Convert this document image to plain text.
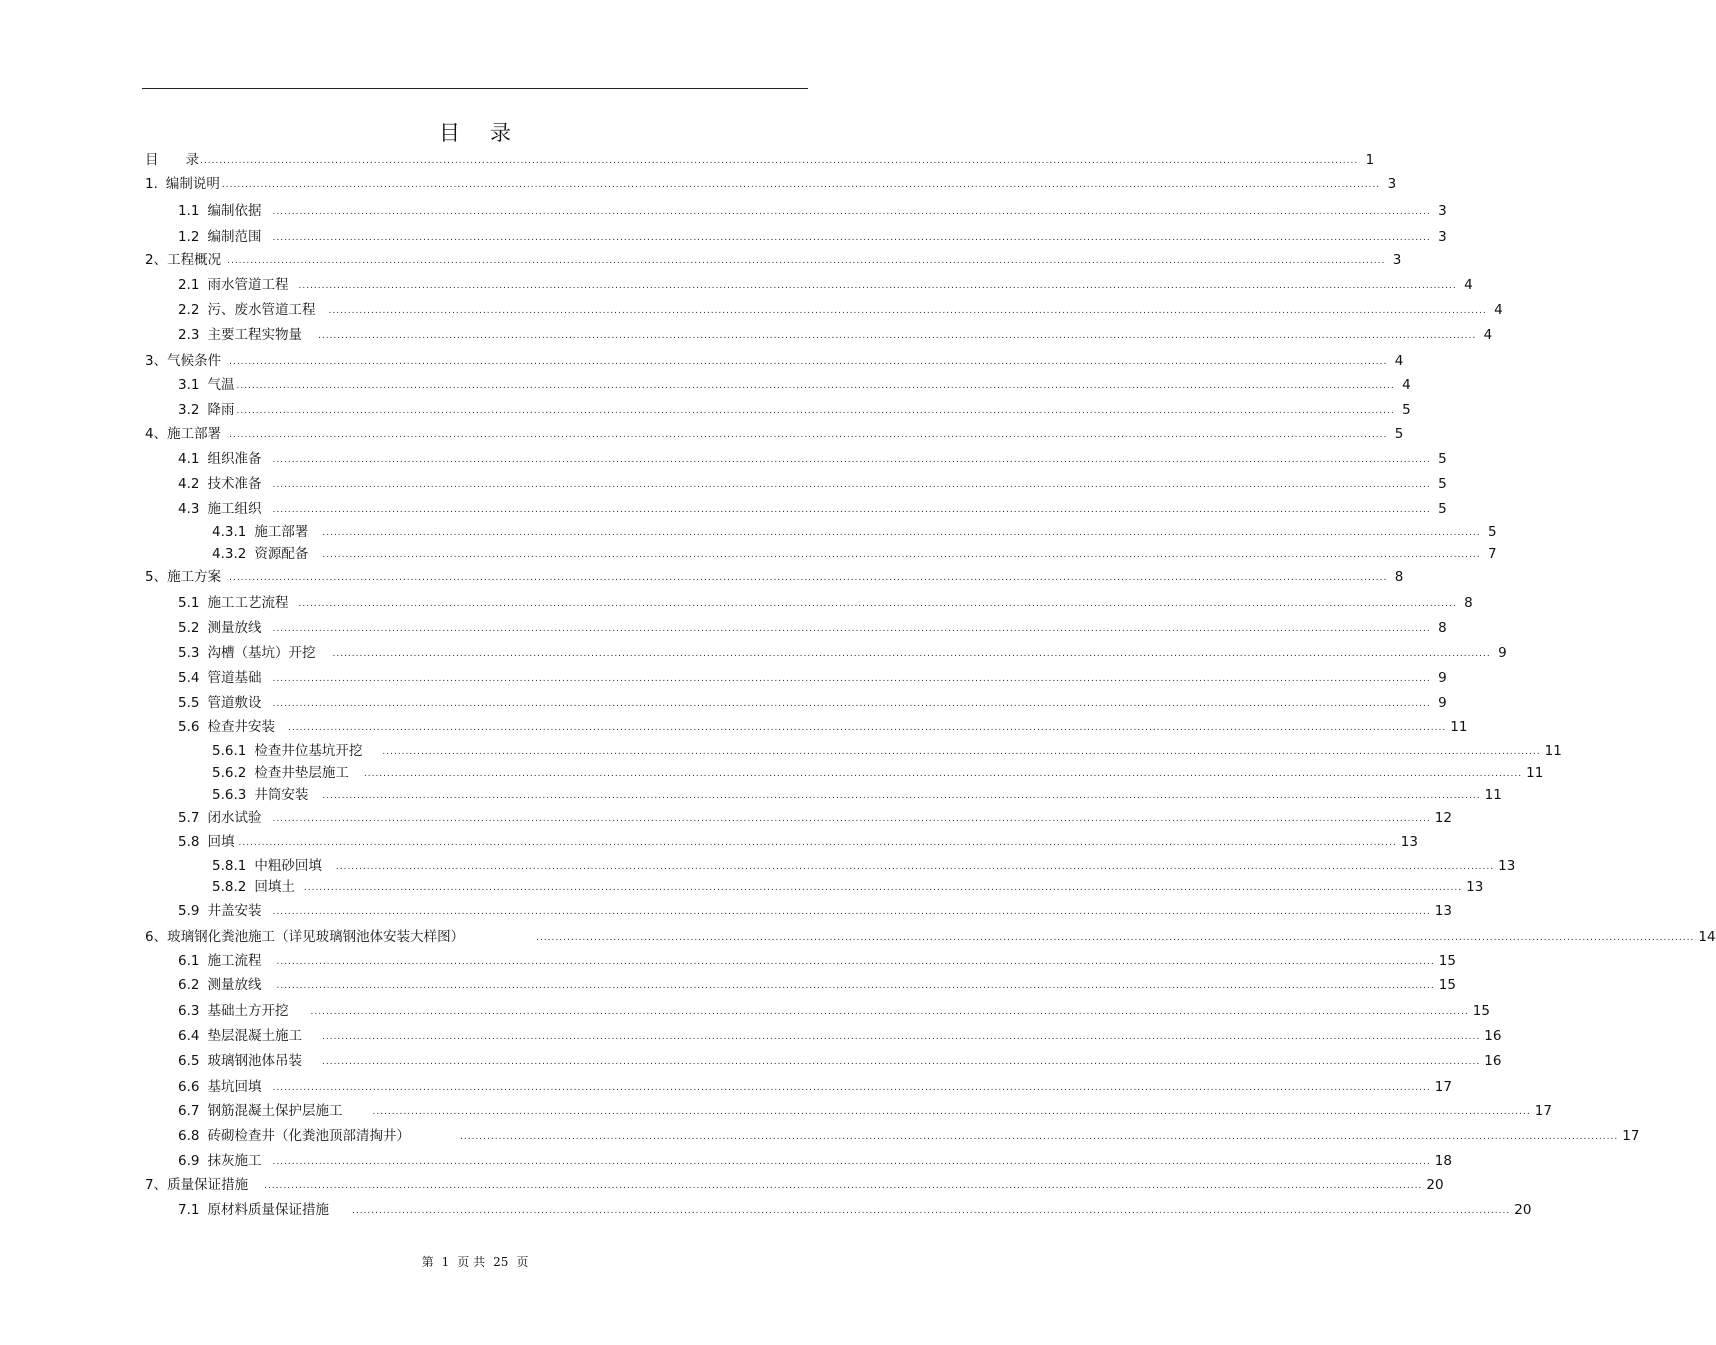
目 录
目　　录 ............................................................................................................................................................................................................................................................................................................ 1
1. 编制说明 ............................................................................................................................................................................................................................................................................................................ 3
1.1 编制依据 ............................................................................................................................................................................................................................................................................................................ 3
1.2 编制范围 ............................................................................................................................................................................................................................................................................................................ 3
2、 工程概况 ............................................................................................................................................................................................................................................................................................................ 3
2.1 雨水管道工程 ............................................................................................................................................................................................................................................................................................................ 4
2.2 污、废水管道工程 ............................................................................................................................................................................................................................................................................................................ 4
2.3 主要工程实物量 ............................................................................................................................................................................................................................................................................................................ 4
3、 气候条件 ............................................................................................................................................................................................................................................................................................................ 4
3.1 气温 ............................................................................................................................................................................................................................................................................................................ 4
3.2 降雨 ............................................................................................................................................................................................................................................................................................................ 5
4、 施工部署 ............................................................................................................................................................................................................................................................................................................ 5
4.1 组织准备 ............................................................................................................................................................................................................................................................................................................ 5
4.2 技术准备 ............................................................................................................................................................................................................................................................................................................ 5
4.3 施工组织 ............................................................................................................................................................................................................................................................................................................ 5
4.3.1 施工部署 ............................................................................................................................................................................................................................................................................................................ 5
4.3.2 资源配备 ............................................................................................................................................................................................................................................................................................................ 7
5、 施工方案 ............................................................................................................................................................................................................................................................................................................ 8
5.1 施工工艺流程 ............................................................................................................................................................................................................................................................................................................ 8
5.2 测量放线 ............................................................................................................................................................................................................................................................................................................ 8
5.3 沟槽（基坑）开挖 ............................................................................................................................................................................................................................................................................................................ 9
5.4 管道基础 ............................................................................................................................................................................................................................................................................................................ 9
5.5 管道敷设 ............................................................................................................................................................................................................................................................................................................ 9
5.6 检查井安装 ............................................................................................................................................................................................................................................................................................................ 11
5.6.1 检查井位基坑开挖 ............................................................................................................................................................................................................................................................................................................ 11
5.6.2 检查井垫层施工 ............................................................................................................................................................................................................................................................................................................ 11
5.6.3 井筒安装 ............................................................................................................................................................................................................................................................................................................ 11
5.7 闭水试验 ............................................................................................................................................................................................................................................................................................................ 12
5.8 回填 ............................................................................................................................................................................................................................................................................................................ 13
5.8.1 中粗砂回填 ............................................................................................................................................................................................................................................................................................................ 13
5.8.2 回填土 ............................................................................................................................................................................................................................................................................................................ 13
5.9 井盖安装 ............................................................................................................................................................................................................................................................................................................ 13
6、 玻璃钢化粪池施工（详见玻璃钢池体安装大样图）	............................................................................................................................................................................................................................................................................................................ 14
6.1 施工流程 ............................................................................................................................................................................................................................................................................................................ 15
6.2 测量放线 ............................................................................................................................................................................................................................................................................................................ 15
6.3 基础土方开挖 ............................................................................................................................................................................................................................................................................................................ 15
6.4 垫层混凝土施工 ............................................................................................................................................................................................................................................................................................................ 16
6.5 玻璃钢池体吊装 ............................................................................................................................................................................................................................................................................................................ 16
6.6 基坑回填 ............................................................................................................................................................................................................................................................................................................ 17
6.7 钢筋混凝土保护层施工	............................................................................................................................................................................................................................................................................................................ 17
6.8 砖砌检查井（化粪池顶部清掏井）	............................................................................................................................................................................................................................................................................................................ 17
6.9 抹灰施工 ............................................................................................................................................................................................................................................................................................................ 18
7、 质量保证措施 ............................................................................................................................................................................................................................................................................................................ 20
7.1 原材料质量保证措施	............................................................................................................................................................................................................................................................................................................ 20
第 1 页 共 25 页
